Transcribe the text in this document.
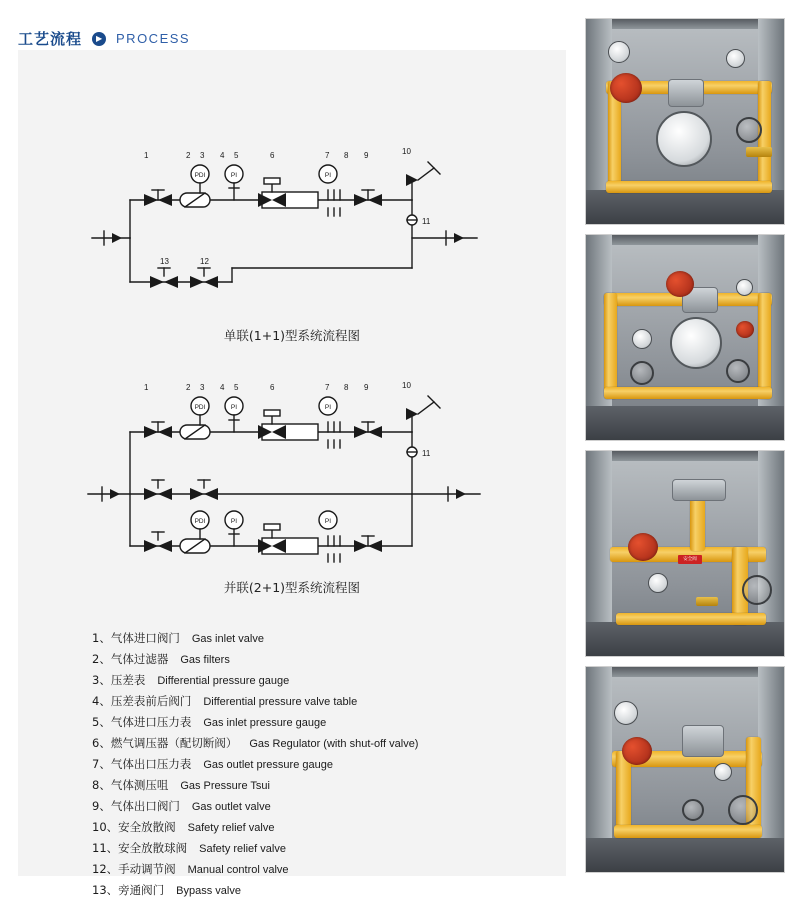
工艺流程	▶	PROCESS
PDI	PI	PI
1	2 3 4 5	6	7 8 9	10
11
13	12
单联(1+1)型系统流程图
PDI	PI	PI
PDI	PI	PI
1	2 3 4 5	6	7 8 9	10
11
并联(2+1)型系统流程图
1、气体进口阀门 Gas inlet valve
2、气体过滤器 Gas filters
3、压差表 Differential pressure gauge
4、压差表前后阀门 Differential pressure valve table
5、气体进口压力表 Gas inlet pressure gauge
6、燃气调压器（配切断阀） Gas Regulator (with shut-off valve)
7、气体出口压力表 Gas outlet pressure gauge
8、气体测压咀 Gas Pressure Tsui
9、气体出口阀门 Gas outlet valve
10、安全放散阀 Safety relief valve
11、安全放散球阀 Safety relief valve
12、手动调节阀 Manual control valve
13、旁通阀门 Bypass valve
安全阀
